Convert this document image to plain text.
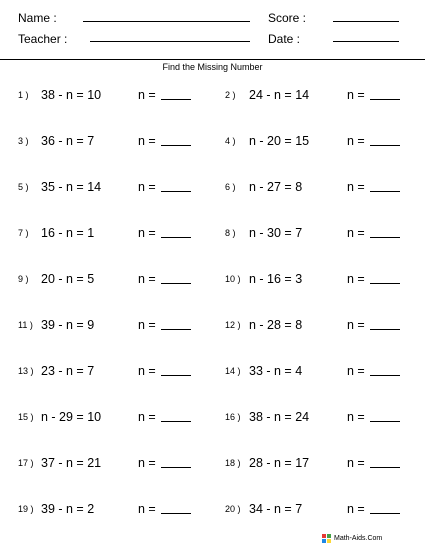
Name :	Score :
Teacher :	Date :
Find the Missing Number
1 ) 38 - n = 10	n =	2 ) 24 - n = 14	n =
3 ) 36 - n = 7	n =	4 ) n - 20 = 15	n =
5 ) 35 - n = 14	n =	6 ) n - 27 = 8	n =
7 ) 16 - n = 1	n =	8 ) n - 30 = 7	n =
9 ) 20 - n = 5	n =	10 ) n - 16 = 3	n =
11 ) 39 - n = 9	n =	12 ) n - 28 = 8	n =
13 ) 23 - n = 7	n =	14 ) 33 - n = 4	n =
15 ) n - 29 = 10	n =	16 ) 38 - n = 24	n =
17 ) 37 - n = 21	n =	18 ) 28 - n = 17	n =
19 ) 39 - n = 2	n =	20 ) 34 - n = 7	n =
Math-Aids.Com
